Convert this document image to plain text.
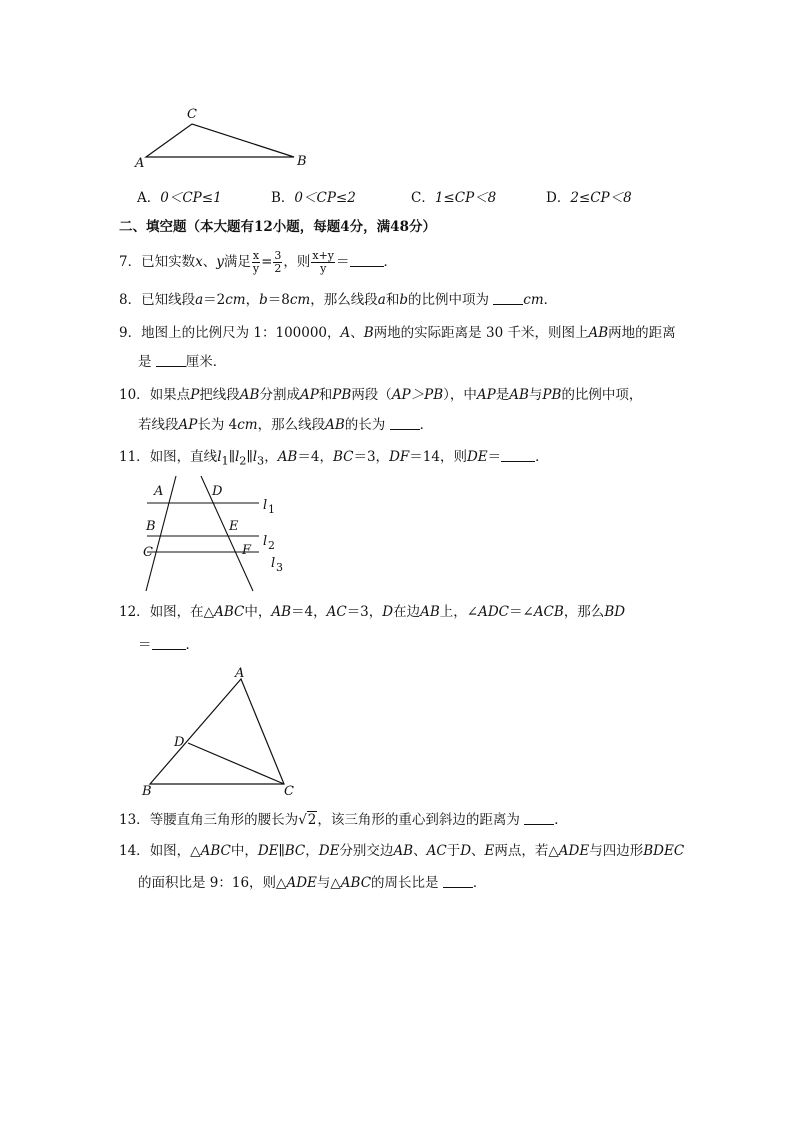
A
C
B
A．0＜CP≤1	B．0＜CP≤2	C．1≤CP＜8	D．2≤CP＜8
二、填空题（本大题有12小题，每题4分，满48分）
7．已知实数x、y满足 $\frac{x}{y} = \frac{3}{2}$ ，则 $\frac{x+y}{y}$ ＝	．
8．已知线段a＝2cm，b＝8cm，那么线段a和b的比例中项为	cm．
9．地图上的比例尺为 1：100000，A、B两地的实际距离是 30 千米，则图上AB两地的距离
是	厘米．
10．如果点P把线段AB分割成AP和PB两段（AP＞PB），中AP是AB与PB的比例中项，
若线段AP长为 4cm，那么线段AB的长为	．
11．如图，直线$l_1\parallel l_2\parallel l_3$，AB＝4，BC＝3，DF＝14，则DE＝	．
A	D
B	E
C	F
l 1
l 2
l 3
12．如图，在△ABC中，AB＝4，AC＝3，D在边AB上，∠ADC＝∠ACB，那么BD
＝	．
A
D
B	C
13．等腰直角三角形的腰长为√2，该三角形的重心到斜边的距离为	．
14．如图，△ABC中，DE∥BC，DE分别交边AB、AC于D、E两点，若△ADE与四边形BDEC
的面积比是 9：16，则△ADE与△ABC的周长比是	．
